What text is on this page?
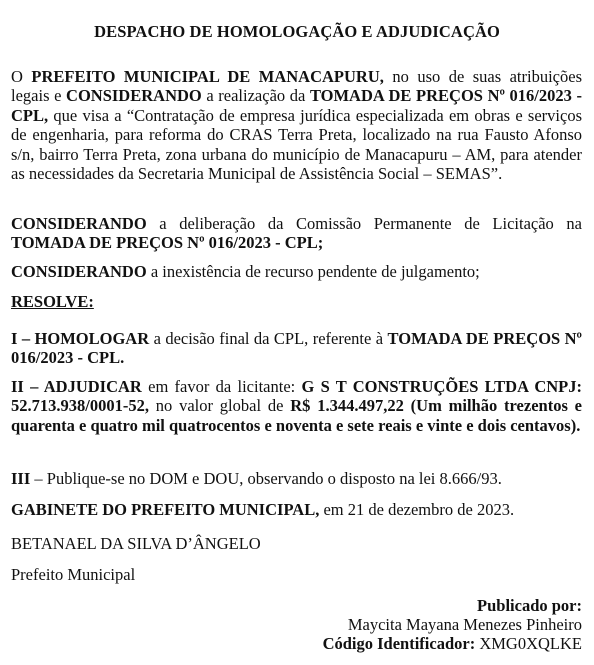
DESPACHO DE HOMOLOGAÇÃO E ADJUDICAÇÃO
O PREFEITO MUNICIPAL DE MANACAPURU, no uso de suas atribuições legais e CONSIDERANDO a realização da TOMADA DE PREÇOS Nº 016/2023 - CPL, que visa a “Contratação de empresa jurídica especializada em obras e serviços de engenharia, para reforma do CRAS Terra Preta, localizado na rua Fausto Afonso s/n, bairro Terra Preta, zona urbana do município de Manacapuru – AM, para atender as necessidades da Secretaria Municipal de Assistência Social – SEMAS”.
CONSIDERANDO a deliberação da Comissão Permanente de Licitação na TOMADA DE PREÇOS Nº 016/2023 - CPL;
CONSIDERANDO a inexistência de recurso pendente de julgamento;
RESOLVE:
I – HOMOLOGAR a decisão final da CPL, referente à TOMADA DE PREÇOS Nº 016/2023 - CPL.
II – ADJUDICAR em favor da licitante: G S T CONSTRUÇÕES LTDA CNPJ: 52.713.938/0001-52, no valor global de R$ 1.344.497,22 (Um milhão trezentos e quarenta e quatro mil quatrocentos e noventa e sete reais e vinte e dois centavos).
III – Publique-se no DOM e DOU, observando o disposto na lei 8.666/93.
GABINETE DO PREFEITO MUNICIPAL, em 21 de dezembro de 2023.
BETANAEL DA SILVA D’ÂNGELO
Prefeito Municipal
Publicado por:
Maycita Mayana Menezes Pinheiro
Código Identificador: XMG0XQLKE
